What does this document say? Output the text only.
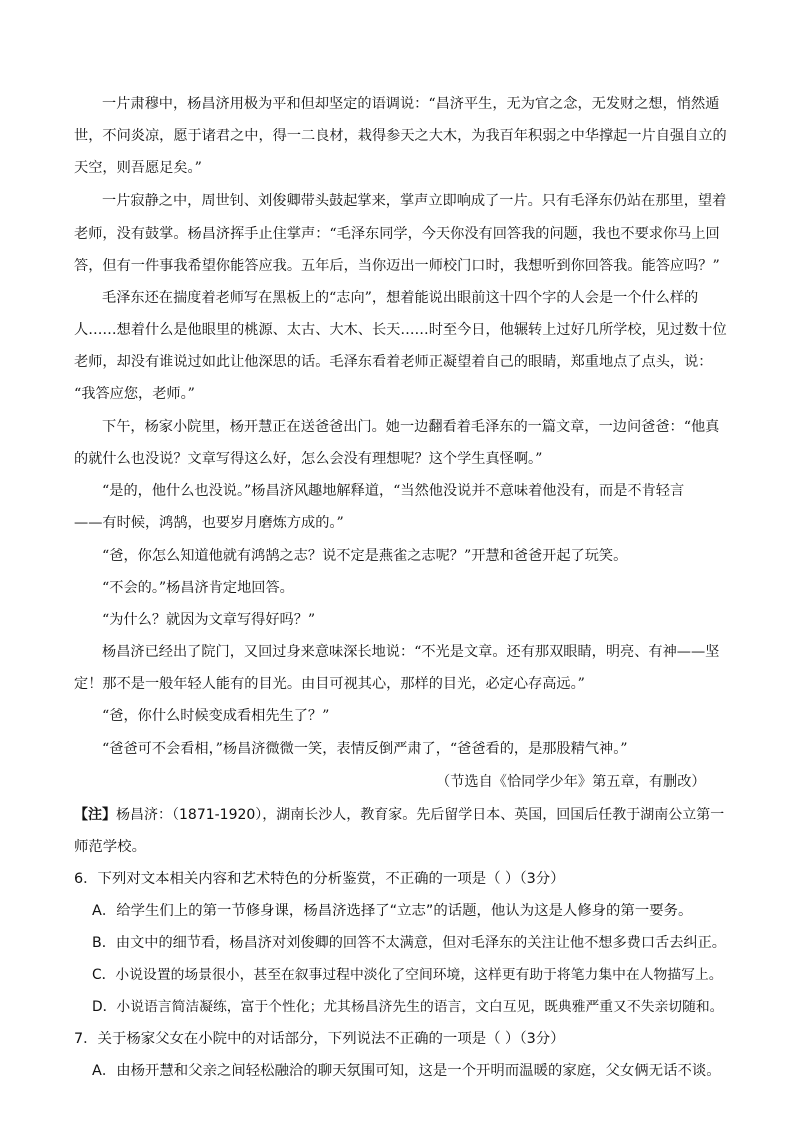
一片肃穆中，杨昌济用极为平和但却坚定的语调说：“昌济平生，无为官之念，无发财之想，悄然遁
世，不问炎凉，愿于诸君之中，得一二良材，栽得参天之大木，为我百年积弱之中华撑起一片自强自立的
天空，则吾愿足矣。”
一片寂静之中，周世钊、刘俊卿带头鼓起掌来，掌声立即响成了一片。只有毛泽东仍站在那里，望着
老师，没有鼓掌。杨昌济挥手止住掌声：“毛泽东同学，今天你没有回答我的问题，我也不要求你马上回
答，但有一件事我希望你能答应我。五年后，当你迈出一师校门口时，我想听到你回答我。能答应吗？”
毛泽东还在揣度着老师写在黑板上的“志向”，想着能说出眼前这十四个字的人会是一个什么样的
人……想着什么是他眼里的桃源、太古、大木、长天……时至今日，他辗转上过好几所学校，见过数十位
老师，却没有谁说过如此让他深思的话。毛泽东看着老师正凝望着自己的眼睛，郑重地点了点头，说：
“我答应您，老师。”
下午，杨家小院里，杨开慧正在送爸爸出门。她一边翻看着毛泽东的一篇文章，一边问爸爸：“他真
的就什么也没说？文章写得这么好，怎么会没有理想呢？这个学生真怪啊。”
“是的，他什么也没说。”杨昌济风趣地解释道，“当然他没说并不意味着他没有，而是不肯轻言
——有时候，鸿鹄，也要岁月磨炼方成的。”
“爸，你怎么知道他就有鸿鹄之志？说不定是燕雀之志呢？”开慧和爸爸开起了玩笑。
“不会的。”杨昌济肯定地回答。
“为什么？就因为文章写得好吗？”
杨昌济已经出了院门，又回过身来意味深长地说：“不光是文章。还有那双眼睛，明亮、有神——坚
定！那不是一般年轻人能有的目光。由目可视其心，那样的目光，必定心存高远。”
“爸，你什么时候变成看相先生了？”
“爸爸可不会看相，”杨昌济微微一笑，表情反倒严肃了，“爸爸看的，是那股精气神。”
（节选自《恰同学少年》第五章，有删改）
【注】杨昌济：（1871-1920），湖南长沙人，教育家。先后留学日本、英国，回国后任教于湖南公立第一
师范学校。
6．下列对文本相关内容和艺术特色的分析鉴赏，不正确的一项是（ ）（3分）
A．给学生们上的第一节修身课，杨昌济选择了“立志”的话题，他认为这是人修身的第一要务。
B．由文中的细节看，杨昌济对刘俊卿的回答不太满意，但对毛泽东的关注让他不想多费口舌去纠正。
C．小说设置的场景很小，甚至在叙事过程中淡化了空间环境，这样更有助于将笔力集中在人物描写上。
D．小说语言简洁凝练，富于个性化；尤其杨昌济先生的语言，文白互见，既典雅严重又不失亲切随和。
7．关于杨家父女在小院中的对话部分，下列说法不正确的一项是（ ）（3分）
A．由杨开慧和父亲之间轻松融洽的聊天氛围可知，这是一个开明而温暖的家庭，父女俩无话不谈。
